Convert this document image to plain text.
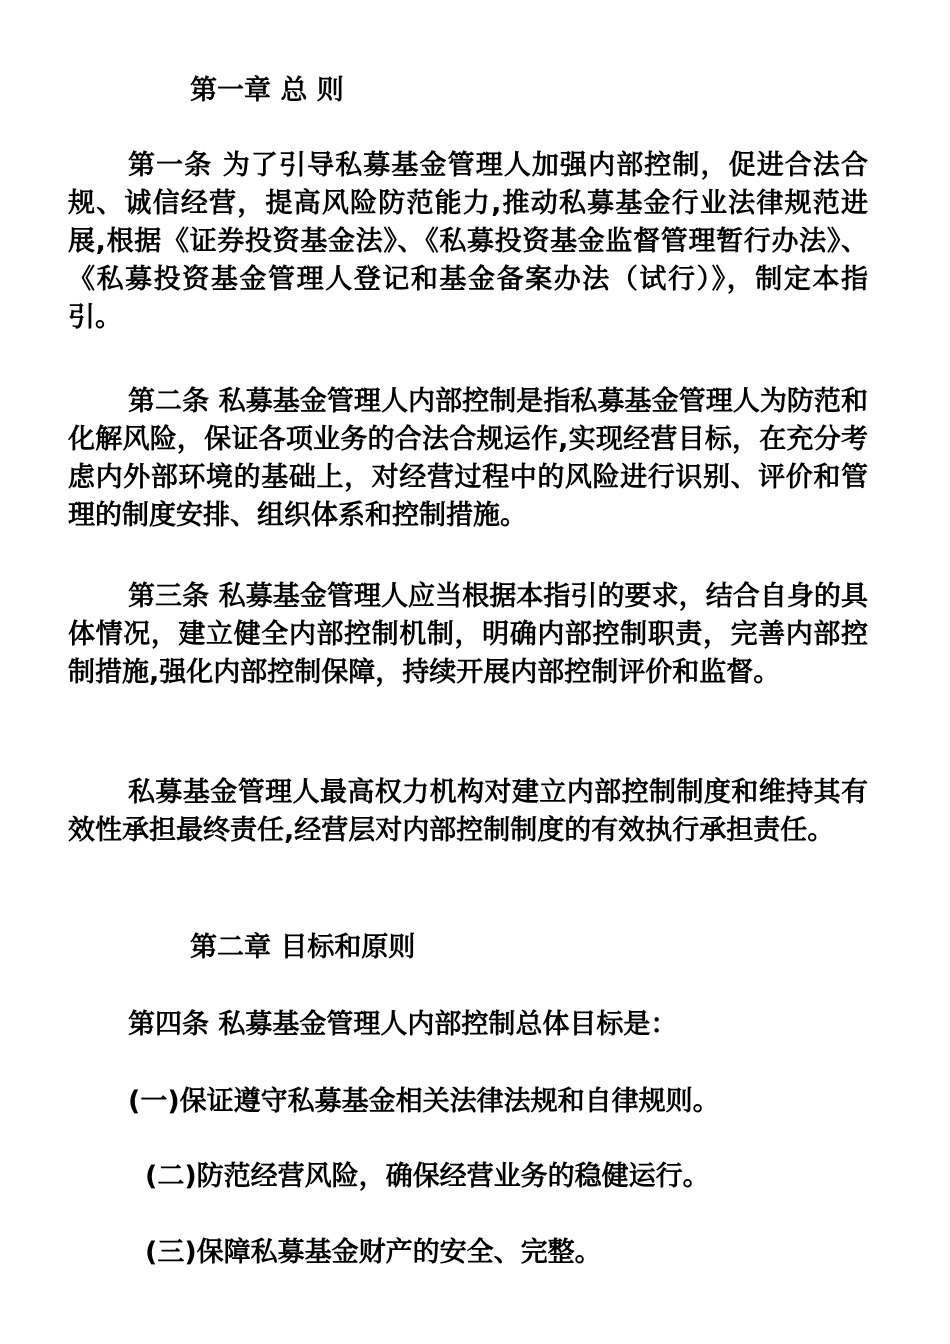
第一章 总 则

第一条 为了引导私募基金管理人加强内部控制，促进合法合规、诚信经营，提高风险防范能力,推动私募基金行业法律规范进展,根据《证券投资基金法》、《私募投资基金监督管理暂行办法》、《私募投资基金管理人登记和基金备案办法（试行）》，制定本指引。

第二条 私募基金管理人内部控制是指私募基金管理人为防范和化解风险，保证各项业务的合法合规运作,实现经营目标，在充分考虑内外部环境的基础上，对经营过程中的风险进行识别、评价和管理的制度安排、组织体系和控制措施。

第三条 私募基金管理人应当根据本指引的要求，结合自身的具体情况，建立健全内部控制机制，明确内部控制职责，完善内部控制措施,强化内部控制保障，持续开展内部控制评价和监督。

私募基金管理人最高权力机构对建立内部控制制度和维持其有效性承担最终责任,经营层对内部控制制度的有效执行承担责任。

第二章 目标和原则

第四条 私募基金管理人内部控制总体目标是：

(一)保证遵守私募基金相关法律法规和自律规则。

(二)防范经营风险，确保经营业务的稳健运行。

(三)保障私募基金财产的安全、完整。
